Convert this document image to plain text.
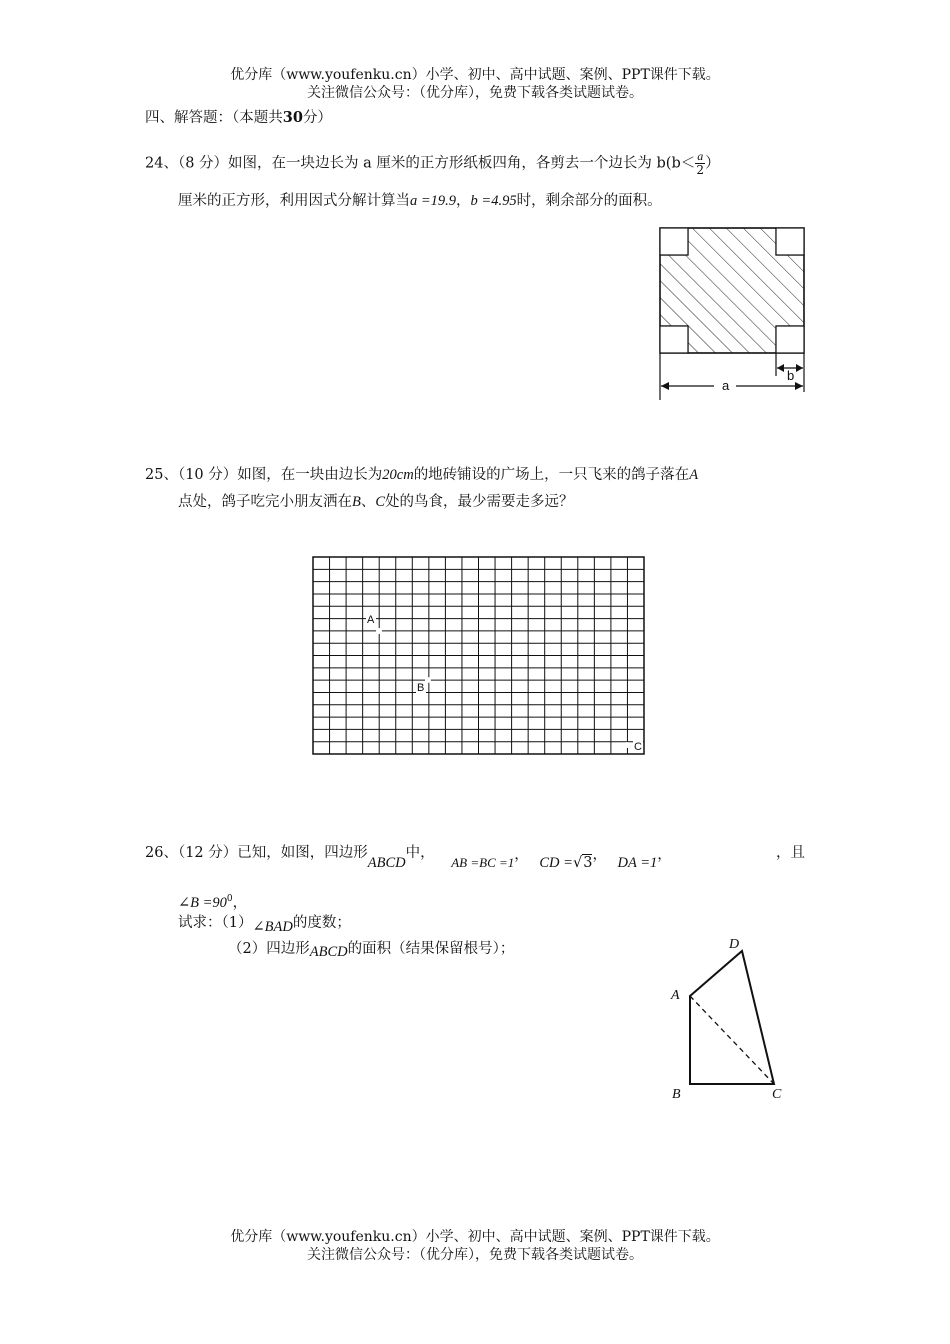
优分库（www.youfenku.cn）小学、初中、高中试题、案例、PPT课件下载。
关注微信公众号：（优分库），免费下载各类试题试卷。
四、解答题：（本题共30分）
24、（8 分）如图，在一块边长为 a 厘米的正方形纸板四角，各剪去一个边长为 $b(b< \frac{a}{2}$ ）
厘米的正方形，利用因式分解计算当a =19.9，b =4.95时，剩余部分的面积。
b
a
25、（10 分）如图，在一块由边长为20cm的地砖铺设的广场上，一只飞来的鸽子落在A
点处，鸽子吃完小朋友洒在B、C处的鸟食，最少需要走多远？
A
B
C
26、（12 分）已知，如图，四边形ABCD中， AB =BC =1， CD =√3， DA =1，	，且
∠B $=90^0$，
试求：（1）∠BAD的度数；
（2）四边形ABCD的面积（结果保留根号）；	D
A
B	C
优分库（www.youfenku.cn）小学、初中、高中试题、案例、PPT课件下载。
关注微信公众号：（优分库），免费下载各类试题试卷。
